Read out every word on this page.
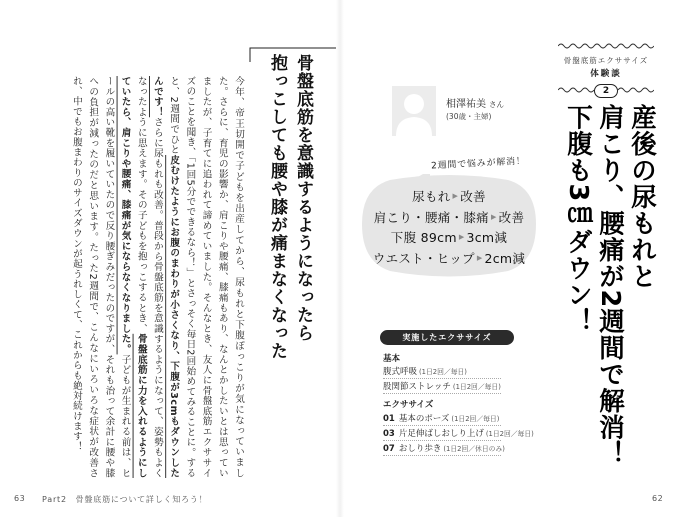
今年、帝王切開で子どもを出産してから、尿もれと下腹ぽっこりが気になっていました。さらに、育児の影響か、肩こりや腰痛、膝痛もあり、なんとかしたいとは思っていましたが、子育てに追われて諦めていました。そんなとき、友人に骨盤底筋エクササイズのことを聞き、「1回5分でできるなら！」とさっそく毎日2回始めてみることに。すると、2週間でひと皮むけたようにお腹のまわりが小さくなり、下腹が3cmもダウンしたんです！さらに尿もれも改善。普段から骨盤底筋を意識するようになって、姿勢もよくなったように思えます。その子どもを抱っこするとき、骨盤底筋に力を入れるようにしていたら、肩こりや腰痛、膝痛が気にならなくなりました。子どもが生まれる前は、ヒールの高い靴を履いていたので反り腰ぎみだったのですが、それも治って余計に腰や膝への負担が減ったのだと思います。たった2週間で、こんなにいろいろな症状が改善され、中でもお腹まわりのサイズダウンが起うれしくて、これからも絶対続けます！	骨盤底筋を意識するようになったら
抱っこしても腰や膝が痛まなくなった
63 Part2　骨盤底筋について詳しく知ろう！
骨盤底筋エクササイズ
体験談
2
産後の尿もれと
肩こり、腰痛が2週間で解消！
下腹も3㎝ダウン！
相澤祐美 さん
(30歳・主婦)
2週間で悩みが解消！
尿もれ ▶ 改善
肩こり・腰痛・膝痛 ▶ 改善
下腹 89cm ▶ 3cm減
ウエスト・ヒップ ▶ 2cm減
実施したエクササイズ
基本
腹式呼吸 (1日2回／毎日)
股関節ストレッチ (1日2回／毎日)
エクササイズ
01 基本のポーズ (1日2回／毎日)
03 片足伸ばしおしり上げ (1日2回／毎日)
07 おしり歩き (1日2回／休日のみ)
62
